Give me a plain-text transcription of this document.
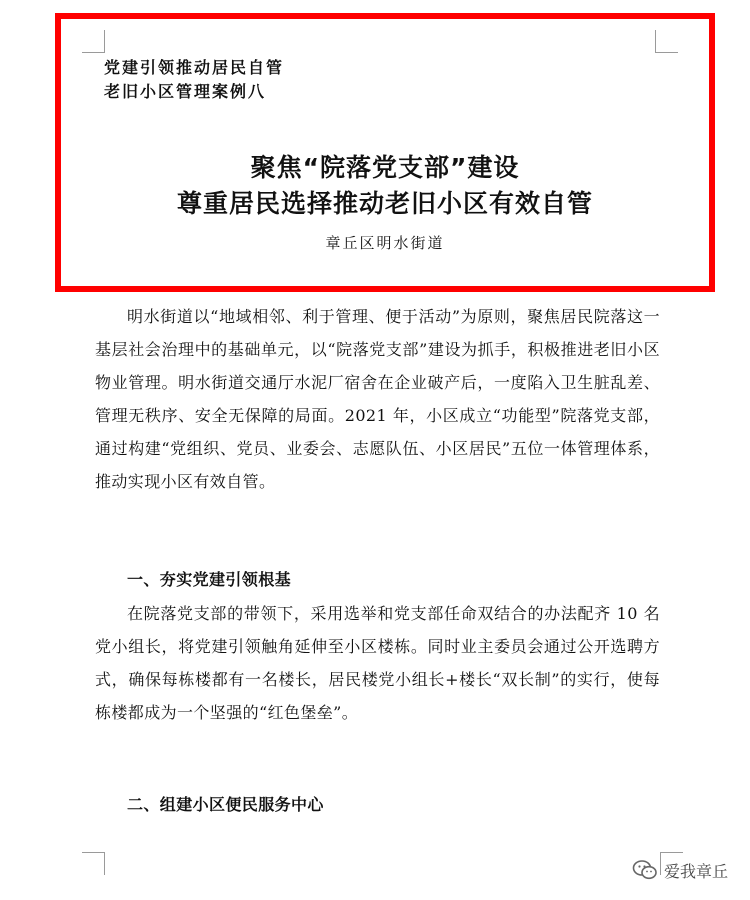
党建引领推动居民自管
老旧小区管理案例八
聚焦“院落党支部”建设
尊重居民选择推动老旧小区有效自管
章丘区明水街道
明水街道以“地域相邻、利于管理、便于活动”为原则，聚焦居民院落这一基层社会治理中的基础单元，以“院落党支部”建设为抓手，积极推进老旧小区物业管理。明水街道交通厅水泥厂宿舍在企业破产后，一度陷入卫生脏乱差、管理无秩序、安全无保障的局面。2021 年，小区成立“功能型”院落党支部，通过构建“党组织、党员、业委会、志愿队伍、小区居民”五位一体管理体系，推动实现小区有效自管。
一、夯实党建引领根基
在院落党支部的带领下，采用选举和党支部任命双结合的办法配齐 10 名党小组长，将党建引领触角延伸至小区楼栋。同时业主委员会通过公开选聘方式，确保每栋楼都有一名楼长，居民楼党小组长+楼长“双长制”的实行，使每栋楼都成为一个坚强的“红色堡垒”。
二、组建小区便民服务中心
爱我章丘
